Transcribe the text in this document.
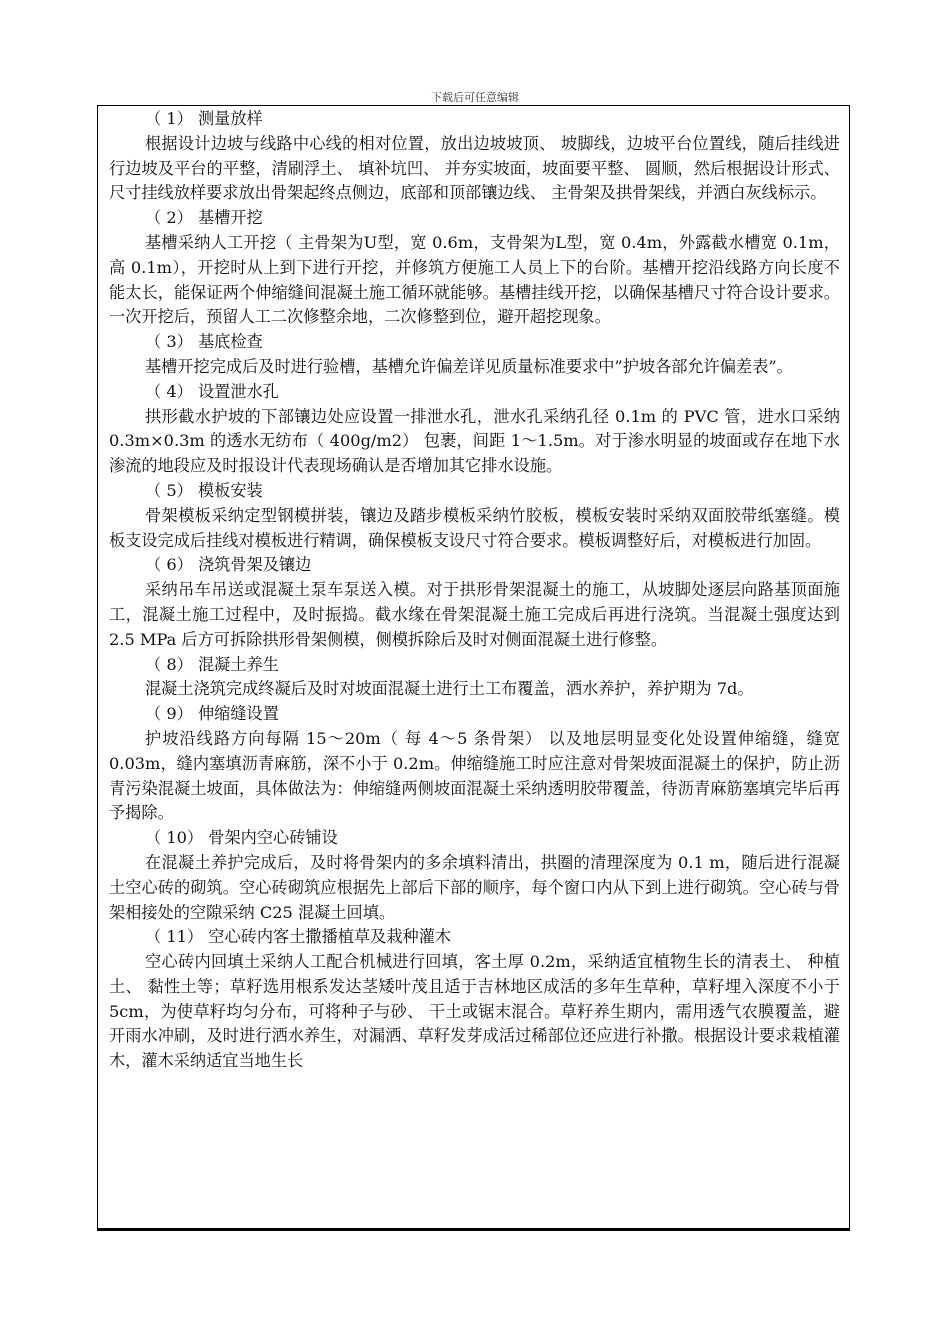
下载后可任意编辑

（ 1） 测量放样

根据设计边坡与线路中心线的相对位置，放出边坡坡顶、 坡脚线，边坡平台位置线，随后挂线进行边坡及平台的平整，清刷浮土、 填补坑凹、 并夯实坡面，坡面要平整、 圆顺，然后根据设计形式、 尺寸挂线放样要求放出骨架起终点侧边，底部和顶部镶边线、 主骨架及拱骨架线，并洒白灰线标示。

（ 2） 基槽开挖

基槽采纳人工开挖（ 主骨架为U型，宽 0.6m，支骨架为L型，宽 0.4m，外露截水槽宽 0.1m，高 0.1m），开挖时从上到下进行开挖，并修筑方便施工人员上下的台阶。基槽开挖沿线路方向长度不能太长，能保证两个伸缩缝间混凝土施工循环就能够。基槽挂线开挖，以确保基槽尺寸符合设计要求。一次开挖后，预留人工二次修整余地，二次修整到位，避开超挖现象。

（ 3） 基底检查

基槽开挖完成后及时进行验槽，基槽允许偏差详见质量标准要求中”护坡各部允许偏差表”。

（ 4） 设置泄水孔

拱形截水护坡的下部镶边处应设置一排泄水孔，泄水孔采纳孔径 0.1m 的 PVC 管，进水口采纳 0.3m×0.3m 的透水无纺布（ 400g/m2） 包裹，间距 1～1.5m。对于渗水明显的坡面或存在地下水渗流的地段应及时报设计代表现场确认是否增加其它排水设施。

（ 5） 模板安装

骨架模板采纳定型钢模拼装，镶边及踏步模板采纳竹胶板，模板安装时采纳双面胶带纸塞缝。模板支设完成后挂线对模板进行精调，确保模板支设尺寸符合要求。模板调整好后，对模板进行加固。

（ 6） 浇筑骨架及镶边

采纳吊车吊送或混凝土泵车泵送入模。对于拱形骨架混凝土的施工，从坡脚处逐层向路基顶面施工，混凝土施工过程中，及时振捣。截水缘在骨架混凝土施工完成后再进行浇筑。当混凝土强度达到 2.5 MPa 后方可拆除拱形骨架侧模，侧模拆除后及时对侧面混凝土进行修整。

（ 8） 混凝土养生

混凝土浇筑完成终凝后及时对坡面混凝土进行土工布覆盖，洒水养护，养护期为 7d。

（ 9） 伸缩缝设置

护坡沿线路方向每隔 15～20m（ 每 4～5 条骨架） 以及地层明显变化处设置伸缩缝，缝宽 0.03m，缝内塞填沥青麻筋，深不小于 0.2m。伸缩缝施工时应注意对骨架坡面混凝土的保护，防止沥青污染混凝土坡面，具体做法为：伸缩缝两侧坡面混凝土采纳透明胶带覆盖，待沥青麻筋塞填完毕后再予揭除。

（ 10） 骨架内空心砖铺设

在混凝土养护完成后，及时将骨架内的多余填料清出，拱圈的清理深度为 0.1 m，随后进行混凝土空心砖的砌筑。空心砖砌筑应根据先上部后下部的顺序，每个窗口内从下到上进行砌筑。空心砖与骨架相接处的空隙采纳 C25 混凝土回填。

（ 11） 空心砖内客土撒播植草及栽种灌木

空心砖内回填土采纳人工配合机械进行回填，客土厚 0.2m，采纳适宜植物生长的清表土、 种植土、 黏性土等；草籽选用根系发达茎矮叶茂且适于吉林地区成活的多年生草种，草籽埋入深度不小于 5cm，为使草籽均匀分布，可将种子与砂、 干土或锯末混合。草籽养生期内，需用透气农膜覆盖，避开雨水冲刷，及时进行洒水养生，对漏洒、草籽发芽成活过稀部位还应进行补撒。根据设计要求栽植灌木，灌木采纳适宜当地生长
